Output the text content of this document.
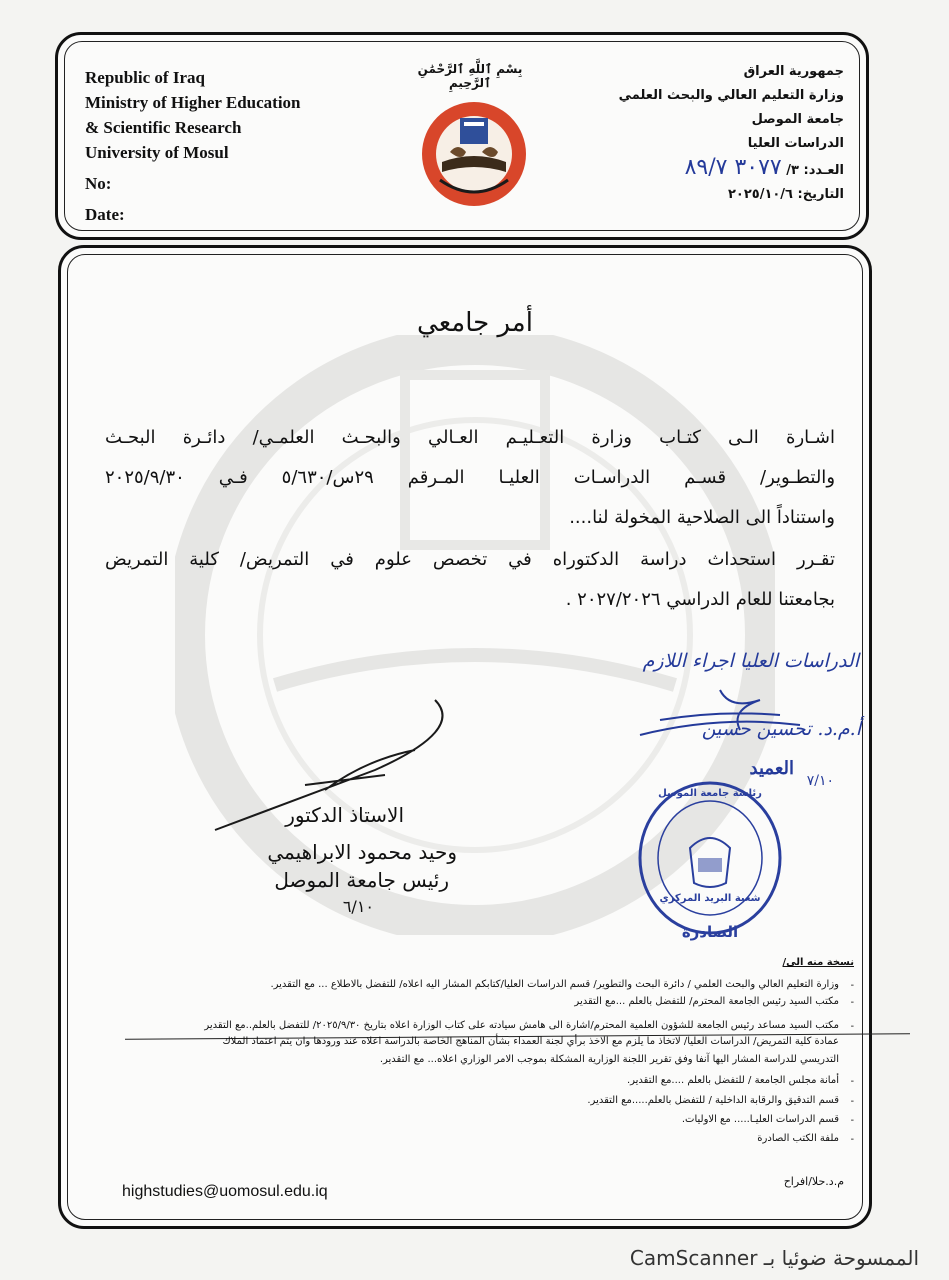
Republic of Iraq
Ministry of Higher Education
& Scientific Research
University of Mosul
No:
Date:
بِسْمِ ٱللَّهِ ٱلرَّحْمَٰنِ ٱلرَّحِيمِ
جمهورية العراق
وزارة التعليم العالي والبحث العلمي
جامعة الموصل
الدراسات العليا
العـدد: ٣/ ٣٠٧٧ ٨٩/٧
التاريخ: ٢٠٢٥/١٠/٦
أمر جامعي
اشـارة الـى كتـاب وزارة التعـليـم العـالي والبحـث العلمـي/ دائـرة البحـث
والتطـوير/ قسـم الدراسـات العليـا المـرقم ٢٩س/٥/٦٣٠ فـي ٢٠٢٥/٩/٣٠
واستناداً الى الصلاحية المخولة لنا....
تقـرر استحداث دراسة الدكتوراه في تخصص علوم في التمريض/ كلية التمريض
بجامعتنا للعام الدراسي ٢٠٢٧/٢٠٢٦ .
الدراسات العليا اجراء اللازم
أ.م.د. تحسين حسين
العميد
٧/١٠
الاستاذ الدكتور
وحيد محمود الابراهيمي
رئيس جامعة الموصل
٦/١٠
رئاسة جامعة الموصل
شعبة البريد المركزي
الصادرة
نسخة منه الى/
-
وزارة التعليم العالي والبحث العلمي / دائرة البحث والتطوير/ قسم الدراسات العليا/كتابكم المشار اليه اعلاه/ للتفضل بالاطلاع ... مع التقدير.
-
مكتب السيد رئيس الجامعة المحترم/ للتفضل بالعلم ...مع التقدير
-
مكتب السيد مساعد رئيس الجامعة للشؤون العلمية المحترم/اشارة الى هامش سيادته على كتاب الوزارة اعلاه بتاريخ ٢٠٢٥/٩/٣٠/ للتفضل بالعلم..مع التقدير
عمادة كلية التمريض/ الدراسات العليا/ لاتخاذ ما يلزم مع الاخذ برأي لجنة العمداء بشأن المناهج الخاصة بالدراسة اعلاه عند ورودها وان يتم اعتماد الملاك
التدريسي للدراسة المشار اليها آنفا وفق تقرير اللجنة الوزارية المشكلة بموجب الامر الوزاري اعلاه... مع التقدير.
-
أمانة مجلس الجامعة / للتفضل بالعلم ....مع التقدير.
-
قسم التدقيق والرقابة الداخلية / للتفضل بالعلم.....مع التقدير.
-
قسم الدراسات العليـا..... مع الاوليات.
-
ملفة الكتب الصادرة
highstudies@uomosul.edu.iq
م.د.حلا/افراح
الممسوحة ضوئيا بـ CamScanner
